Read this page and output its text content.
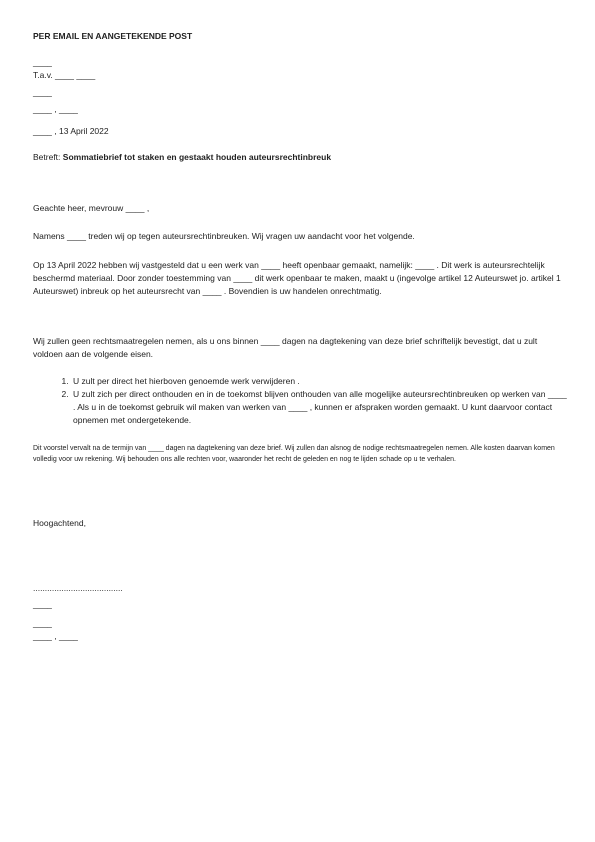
PER EMAIL EN AANGETEKENDE POST
____
T.a.v. ____ ____
____
____ , ____
____ , 13 April 2022
Betreft: Sommatiebrief tot staken en gestaakt houden auteursrechtinbreuk
Geachte heer, mevrouw ____ ,
Namens ____ treden wij op tegen auteursrechtinbreuken. Wij vragen uw aandacht voor het volgende.
Op 13 April 2022 hebben wij vastgesteld dat u een werk van ____ heeft openbaar gemaakt, namelijk: ____ . Dit werk is auteursrechtelijk beschermd materiaal. Door zonder toestemming van ____ dit werk openbaar te maken, maakt u (ingevolge artikel 12 Auteurswet jo. artikel 1 Auteurswet) inbreuk op het auteursrecht van ____ . Bovendien is uw handelen onrechtmatig.
Wij zullen geen rechtsmaatregelen nemen, als u ons binnen ____ dagen na dagtekening van deze brief schriftelijk bevestigt, dat u zult voldoen aan de volgende eisen.
1. U zult per direct het hierboven genoemde werk verwijderen .
2. U zult zich per direct onthouden en in de toekomst blijven onthouden van alle mogelijke auteursrechtinbreuken op werken van ____ . Als u in de toekomst gebruik wil maken van werken van ____ , kunnen er afspraken worden gemaakt. U kunt daarvoor contact opnemen met ondergetekende.
Dit voorstel vervalt na de termijn van ____ dagen na dagtekening van deze brief. Wij zullen dan alsnog de nodige rechtsmaatregelen nemen. Alle kosten daarvan komen volledig voor uw rekening. Wij behouden ons alle rechten voor, waaronder het recht de geleden en nog te lijden schade op u te verhalen.
Hoogachtend,
......................................
____
____
____ , ____
